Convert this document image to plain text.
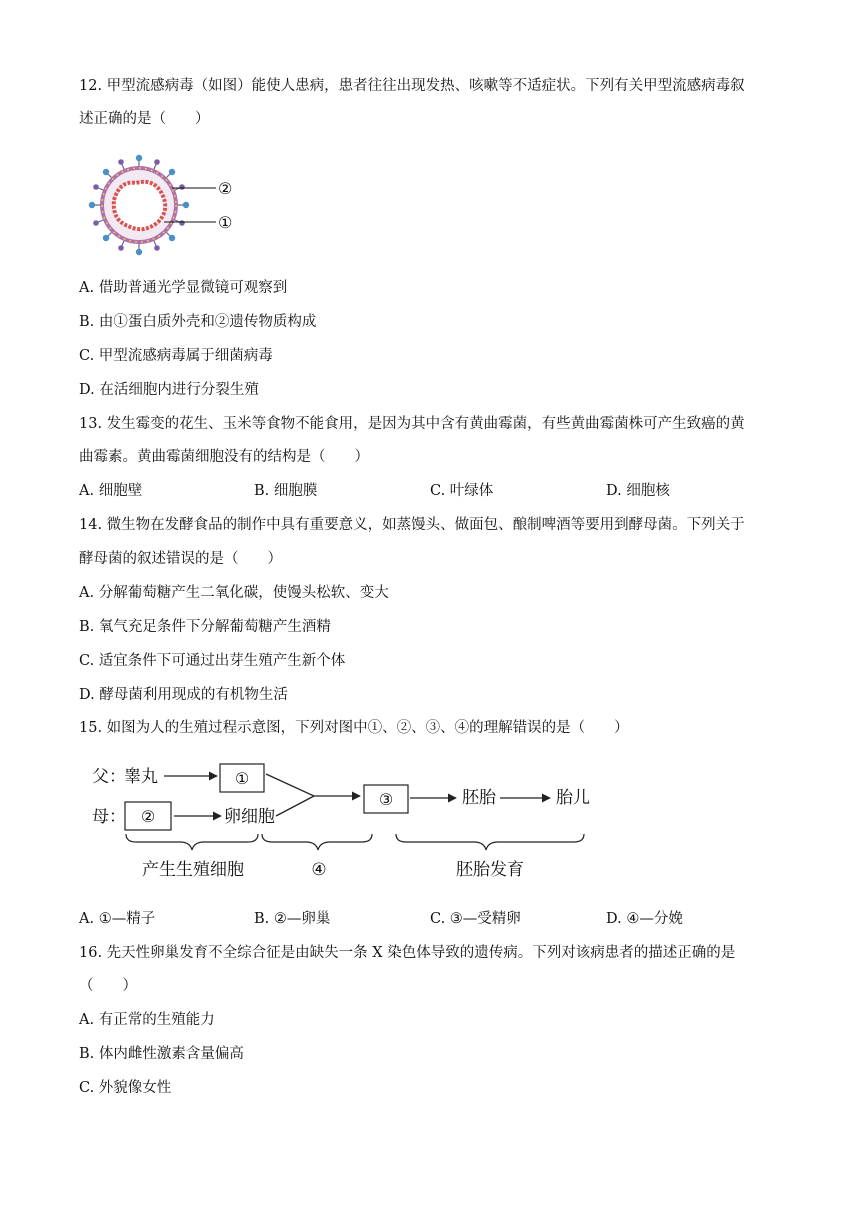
12. 甲型流感病毒（如图）能使人患病，患者往往出现发热、咳嗽等不适症状。下列有关甲型流感病毒叙
述正确的是（　　）
②
①
A. 借助普通光学显微镜可观察到
B. 由①蛋白质外壳和②遗传物质构成
C. 甲型流感病毒属于细菌病毒
D. 在活细胞内进行分裂生殖
13. 发生霉变的花生、玉米等食物不能食用，是因为其中含有黄曲霉菌，有些黄曲霉菌株可产生致癌的黄
曲霉素。黄曲霉菌细胞没有的结构是（　　）
A. 细胞壁	B. 细胞膜	C. 叶绿体	D. 细胞核
14. 微生物在发酵食品的制作中具有重要意义，如蒸馒头、做面包、酿制啤酒等要用到酵母菌。下列关于
酵母菌的叙述错误的是（　　）
A. 分解葡萄糖产生二氧化碳，使馒头松软、变大
B. 氧气充足条件下分解葡萄糖产生酒精
C. 适宜条件下可通过出芽生殖产生新个体
D. 酵母菌利用现成的有机物生活
15. 如图为人的生殖过程示意图，下列对图中①、②、③、④的理解错误的是（　　）
父：
睾丸
母：	卵细胞
胚胎	胎儿
①
②
③
产生生殖细胞	④	胚胎发育
A. ①—精子	B. ②—卵巢	C. ③—受精卵	D. ④—分娩
16. 先天性卵巢发育不全综合征是由缺失一条 X 染色体导致的遗传病。下列对该病患者的描述正确的是
（　　）
A. 有正常的生殖能力
B. 体内雌性激素含量偏高
C. 外貌像女性
